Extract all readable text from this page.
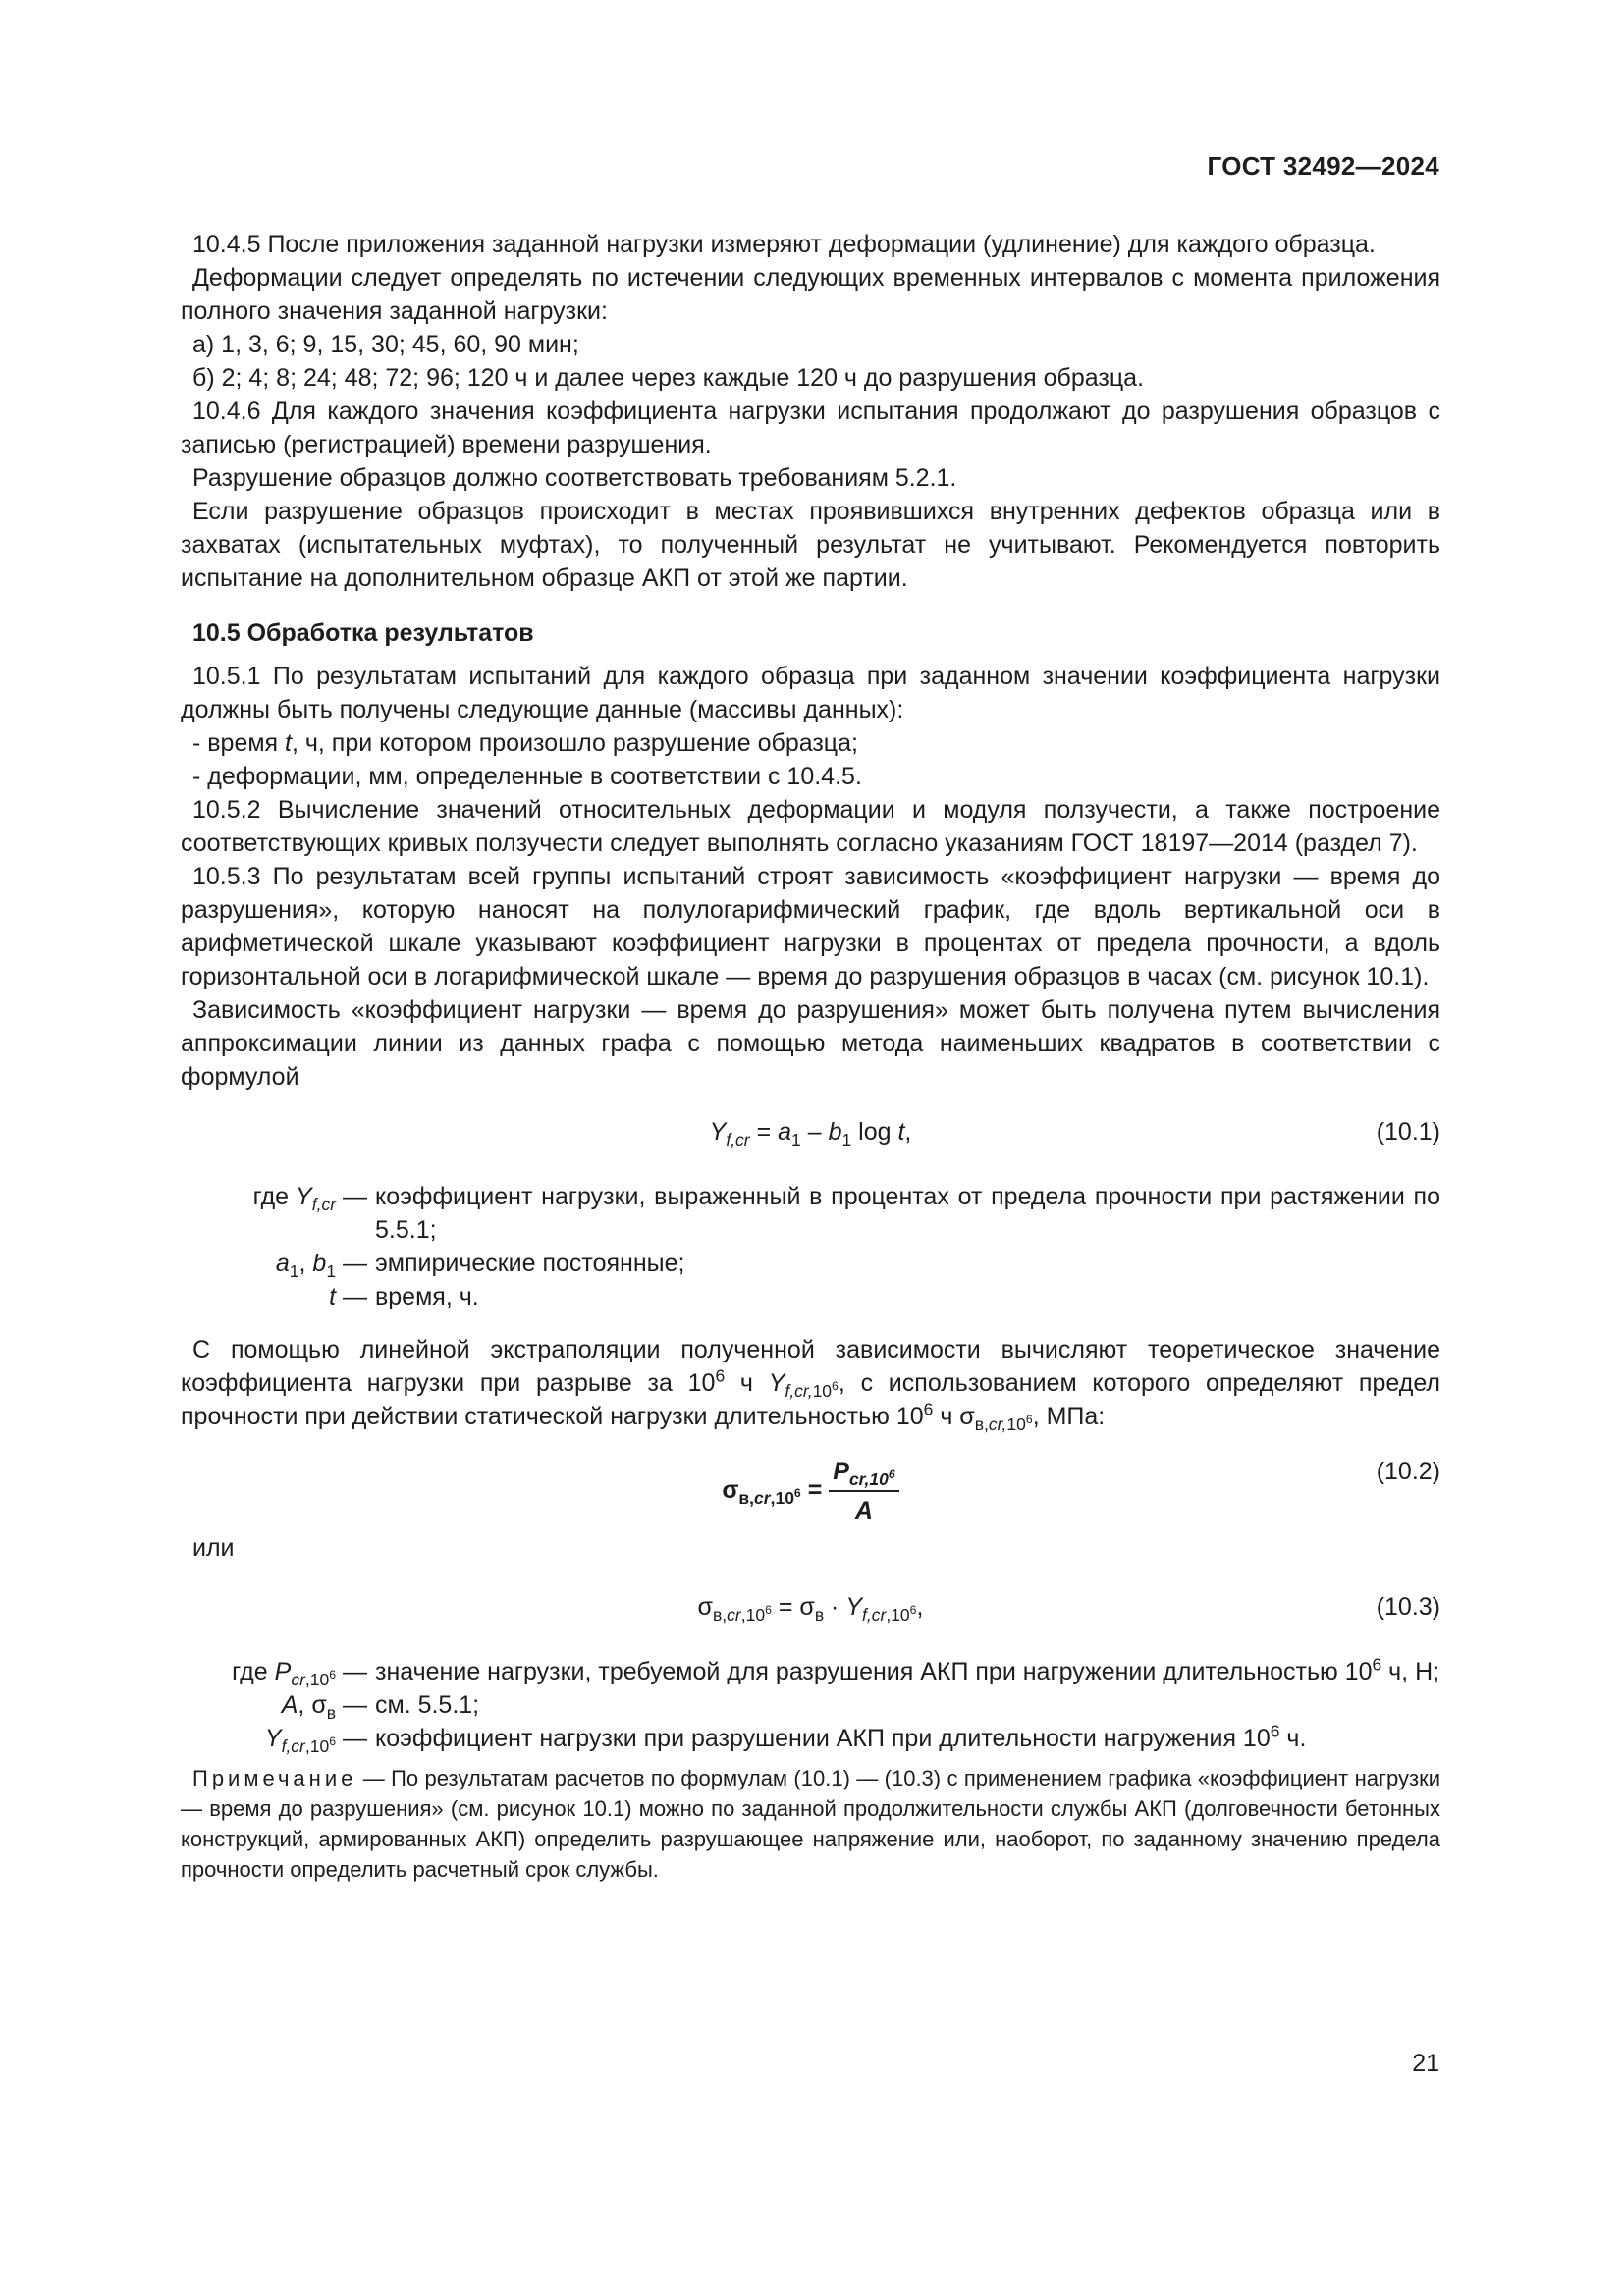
ГОСТ 32492—2024

10.4.5 После приложения заданной нагрузки измеряют деформации (удлинение) для каждого образца.

Деформации следует определять по истечении следующих временных интервалов с момента приложения полного значения заданной нагрузки:

а) 1, 3, 6; 9, 15, 30; 45, 60, 90 мин;

б) 2; 4; 8; 24; 48; 72; 96; 120 ч и далее через каждые 120 ч до разрушения образца.

10.4.6 Для каждого значения коэффициента нагрузки испытания продолжают до разрушения образцов с записью (регистрацией) времени разрушения.

Разрушение образцов должно соответствовать требованиям 5.2.1.

Если разрушение образцов происходит в местах проявившихся внутренних дефектов образца или в захватах (испытательных муфтах), то полученный результат не учитывают. Рекомендуется повторить испытание на дополнительном образце АКП от этой же партии.

10.5 Обработка результатов

10.5.1 По результатам испытаний для каждого образца при заданном значении коэффициента нагрузки должны быть получены следующие данные (массивы данных):

- время t, ч, при котором произошло разрушение образца;

- деформации, мм, определенные в соответствии с 10.4.5.

10.5.2 Вычисление значений относительных деформации и модуля ползучести, а также построение соответствующих кривых ползучести следует выполнять согласно указаниям ГОСТ 18197—2014 (раздел 7).

10.5.3 По результатам всей группы испытаний строят зависимость «коэффициент нагрузки — время до разрушения», которую наносят на полулогарифмический график, где вдоль вертикальной оси в арифметической шкале указывают коэффициент нагрузки в процентах от предела прочности, а вдоль горизонтальной оси в логарифмической шкале — время до разрушения образцов в часах (см. рисунок 10.1).

Зависимость «коэффициент нагрузки — время до разрушения» может быть получена путем вычисления аппроксимации линии из данных графа с помощью метода наименьших квадратов в соответствии с формулой

$Y_{f,cr} = a_1 - b_1$ log t,	(10.1)
где $Y_{f,cr}$ — коэффициент нагрузки, выраженный в процентах от предела прочности при растяжении по 5.5.1;
$a_1$, $b_1$ — эмпирические постоянные;
t — время, ч.

С помощью линейной экстраполяции полученной зависимости вычисляют теоретическое значение коэффициента нагрузки при разрыве за $10^6$ ч $Y_{f,cr,10^6}$, с использованием которого определяют предел прочности при действии статической нагрузки длительностью $10^6$ ч $\sigma_{в,cr,10^6}$, МПа:

$\sigma_{в,cr,10^6} = \frac{P_{cr,10^6}}{A}$	(10.2)

или

$\sigma_{в,cr,10^6} = \sigma_в \cdot Y_{f,cr,10^6}$,	(10.3)
где $P_{cr,10^6}$ — значение нагрузки, требуемой для разрушения АКП при нагружении длительностью $10^6$ ч, Н;
A, $\sigma_в$ — см. 5.5.1;
$Y_{f,cr,10^6}$ — коэффициент нагрузки при разрушении АКП при длительности нагружения $10^6$ ч.

Примечание — По результатам расчетов по формулам (10.1) — (10.3) с применением графика «коэффициент нагрузки — время до разрушения» (см. рисунок 10.1) можно по заданной продолжительности службы АКП (долговечности бетонных конструкций, армированных АКП) определить разрушающее напряжение или, наоборот, по заданному значению предела прочности определить расчетный срок службы.

21
